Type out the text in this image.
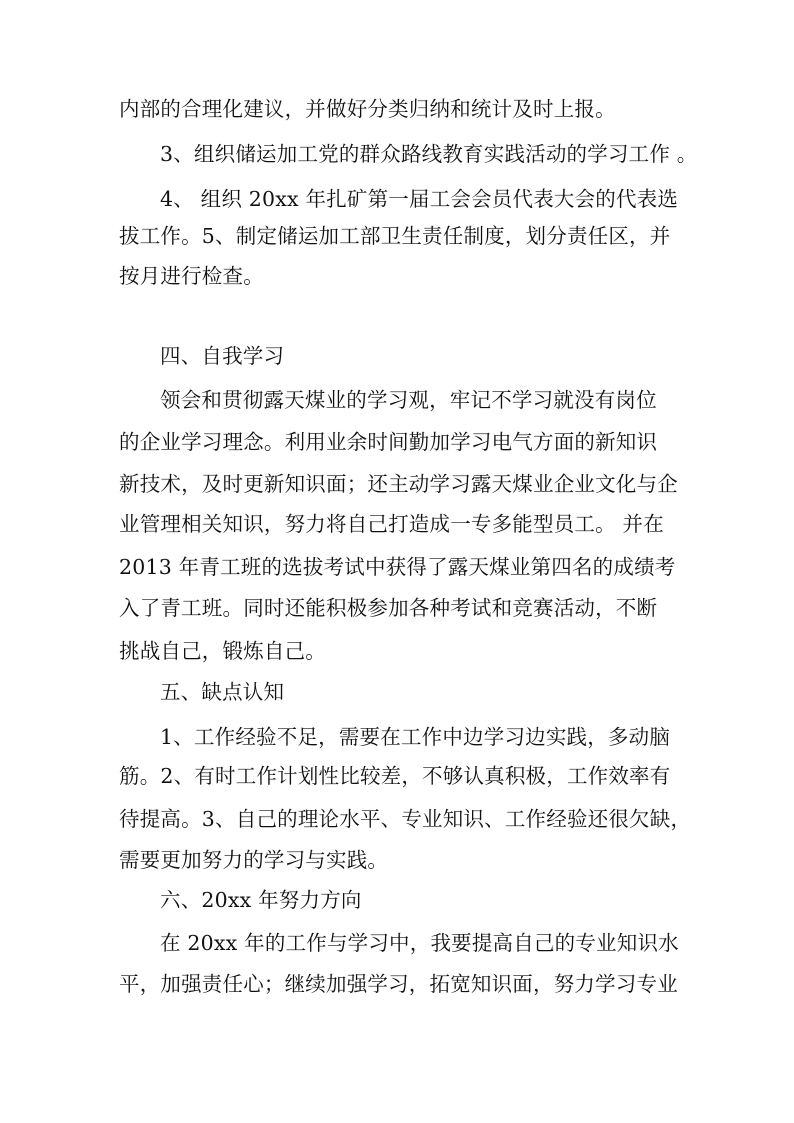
内部的合理化建议，并做好分类归纳和统计及时上报。
3、组织储运加工党的群众路线教育实践活动的学习工作 。
4、 组织 20xx 年扎矿第一届工会会员代表大会的代表选
拔工作。5、制定储运加工部卫生责任制度，划分责任区，并
按月进行检查。
四、自我学习
领会和贯彻露天煤业的学习观，牢记不学习就没有岗位
的企业学习理念。利用业余时间勤加学习电气方面的新知识
新技术，及时更新知识面；还主动学习露天煤业企业文化与企
业管理相关知识，努力将自己打造成一专多能型员工。 并在
2013 年青工班的选拔考试中获得了露天煤业第四名的成绩考
入了青工班。同时还能积极参加各种考试和竞赛活动，不断
挑战自己，锻炼自己。
五、缺点认知
1、工作经验不足，需要在工作中边学习边实践，多动脑
筋。2、有时工作计划性比较差，不够认真积极，工作效率有
待提高。3、自己的理论水平、专业知识、工作经验还很欠缺，
需要更加努力的学习与实践。
六、20xx 年努力方向
在 20xx 年的工作与学习中，我要提高自己的专业知识水
平，加强责任心；继续加强学习，拓宽知识面，努力学习专业
